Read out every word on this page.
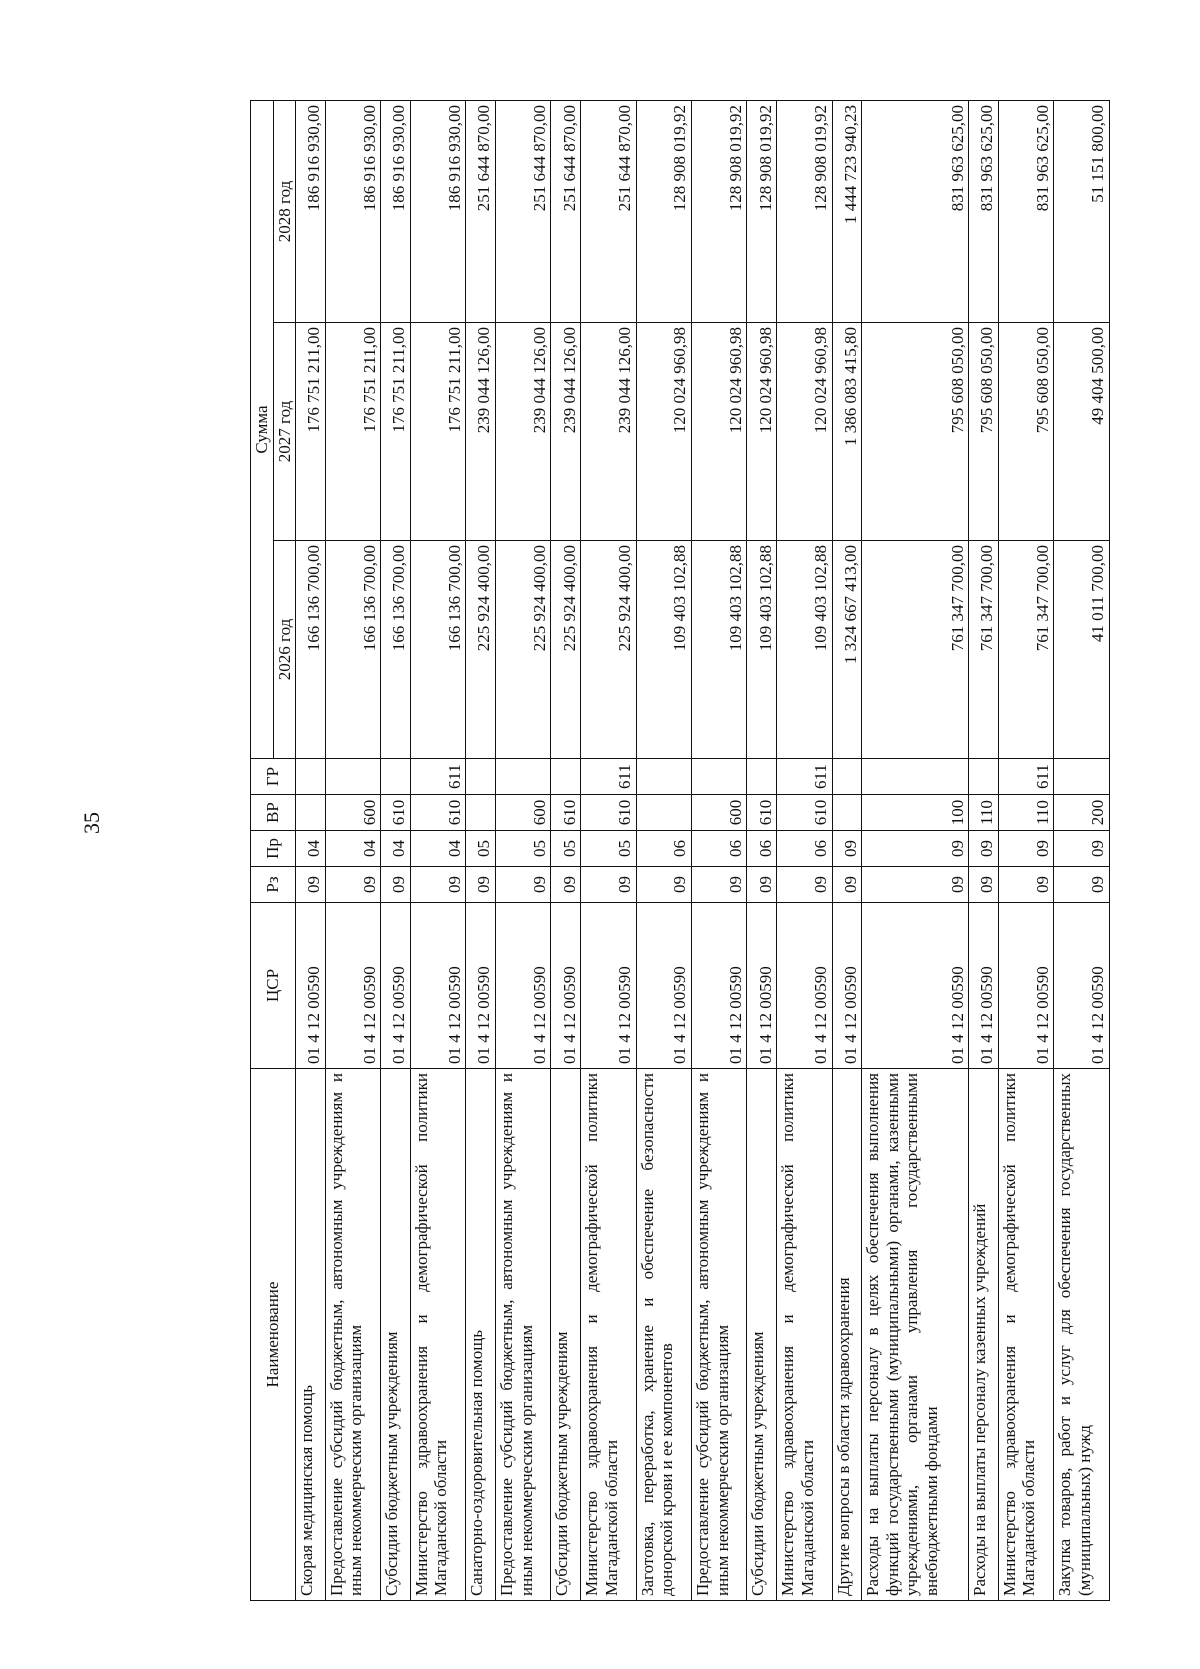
35
Наименование	ЦСР	Рз	Пр	ВР	ГР	Сумма		
						2026 год	2027 год	2028 год
Скорая медицинская помощь	01 4 12 00590	09	04			166 136 700,00	176 751 211,00	186 916 930,00
Предоставление субсидий бюджетным, автономным учреждениям и иным некоммерческим организациям	01 4 12 00590	09	04	600		166 136 700,00	176 751 211,00	186 916 930,00
Субсидии бюджетным учреждениям	01 4 12 00590	09	04	610		166 136 700,00	176 751 211,00	186 916 930,00
Министерство здравоохранения и демографической политики Магаданской области	01 4 12 00590	09	04	610	611	166 136 700,00	176 751 211,00	186 916 930,00
Санаторно-оздоровительная помощь	01 4 12 00590	09	05			225 924 400,00	239 044 126,00	251 644 870,00
Предоставление субсидий бюджетным, автономным учреждениям и иным некоммерческим организациям	01 4 12 00590	09	05	600		225 924 400,00	239 044 126,00	251 644 870,00
Субсидии бюджетным учреждениям	01 4 12 00590	09	05	610		225 924 400,00	239 044 126,00	251 644 870,00
Министерство здравоохранения и демографической политики Магаданской области	01 4 12 00590	09	05	610	611	225 924 400,00	239 044 126,00	251 644 870,00
Заготовка, переработка, хранение и обеспечение безопасности донорской крови и ее компонентов	01 4 12 00590	09	06			109 403 102,88	120 024 960,98	128 908 019,92
Предоставление субсидий бюджетным, автономным учреждениям и иным некоммерческим организациям	01 4 12 00590	09	06	600		109 403 102,88	120 024 960,98	128 908 019,92
Субсидии бюджетным учреждениям	01 4 12 00590	09	06	610		109 403 102,88	120 024 960,98	128 908 019,92
Министерство здравоохранения и демографической политики Магаданской области	01 4 12 00590	09	06	610	611	109 403 102,88	120 024 960,98	128 908 019,92
Другие вопросы в области здравоохранения	01 4 12 00590	09	09			1 324 667 413,00	1 386 083 415,80	1 444 723 940,23
Расходы на выплаты персоналу в целях обеспечения выполнения функций государственными (муниципальными) органами, казенными учреждениями, органами управления государственными внебюджетными фондами	01 4 12 00590	09	09	100		761 347 700,00	795 608 050,00	831 963 625,00
Расходы на выплаты персоналу казенных учреждений	01 4 12 00590	09	09	110		761 347 700,00	795 608 050,00	831 963 625,00
Министерство здравоохранения и демографической политики Магаданской области	01 4 12 00590	09	09	110	611	761 347 700,00	795 608 050,00	831 963 625,00
Закупка товаров, работ и услуг для обеспечения государственных (муниципальных) нужд	01 4 12 00590	09	09	200		41 011 700,00	49 404 500,00	51 151 800,00
